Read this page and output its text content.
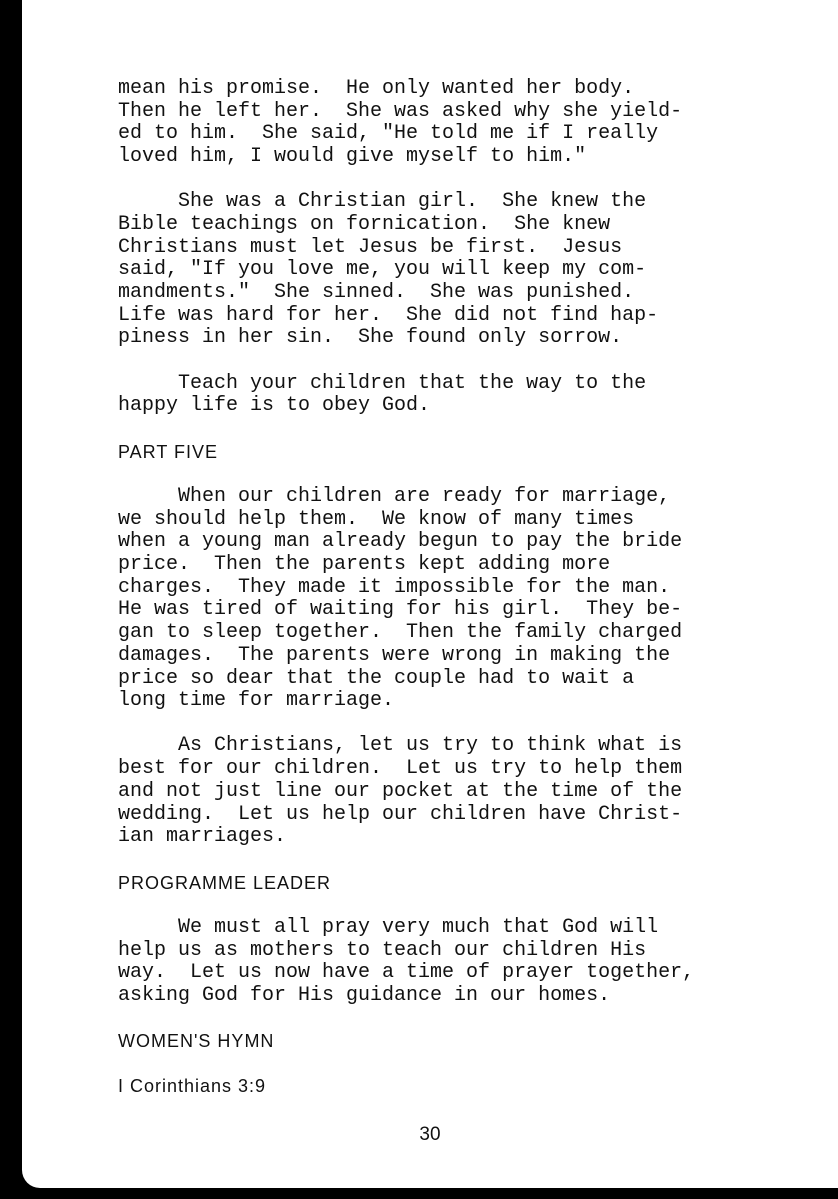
mean his promise.  He only wanted her body.
Then he left her.  She was asked why she yield-
ed to him.  She said, "He told me if I really
loved him, I would give myself to him."
She was a Christian girl.  She knew the
Bible teachings on fornication.  She knew
Christians must let Jesus be first.  Jesus
said, "If you love me, you will keep my com-
mandments."  She sinned.  She was punished.
Life was hard for her.  She did not find hap-
piness in her sin.  She found only sorrow.
Teach your children that the way to the
happy life is to obey God.
PART FIVE
When our children are ready for marriage,
we should help them.  We know of many times
when a young man already begun to pay the bride
price.  Then the parents kept adding more
charges.  They made it impossible for the man.
He was tired of waiting for his girl.  They be-
gan to sleep together.  Then the family charged
damages.  The parents were wrong in making the
price so dear that the couple had to wait a
long time for marriage.
As Christians, let us try to think what is
best for our children.  Let us try to help them
and not just line our pocket at the time of the
wedding.  Let us help our children have Christ-
ian marriages.
PROGRAMME LEADER
We must all pray very much that God will
help us as mothers to teach our children His
way.  Let us now have a time of prayer together,
asking God for His guidance in our homes.
WOMEN'S HYMN
I Corinthians 3:9
30
